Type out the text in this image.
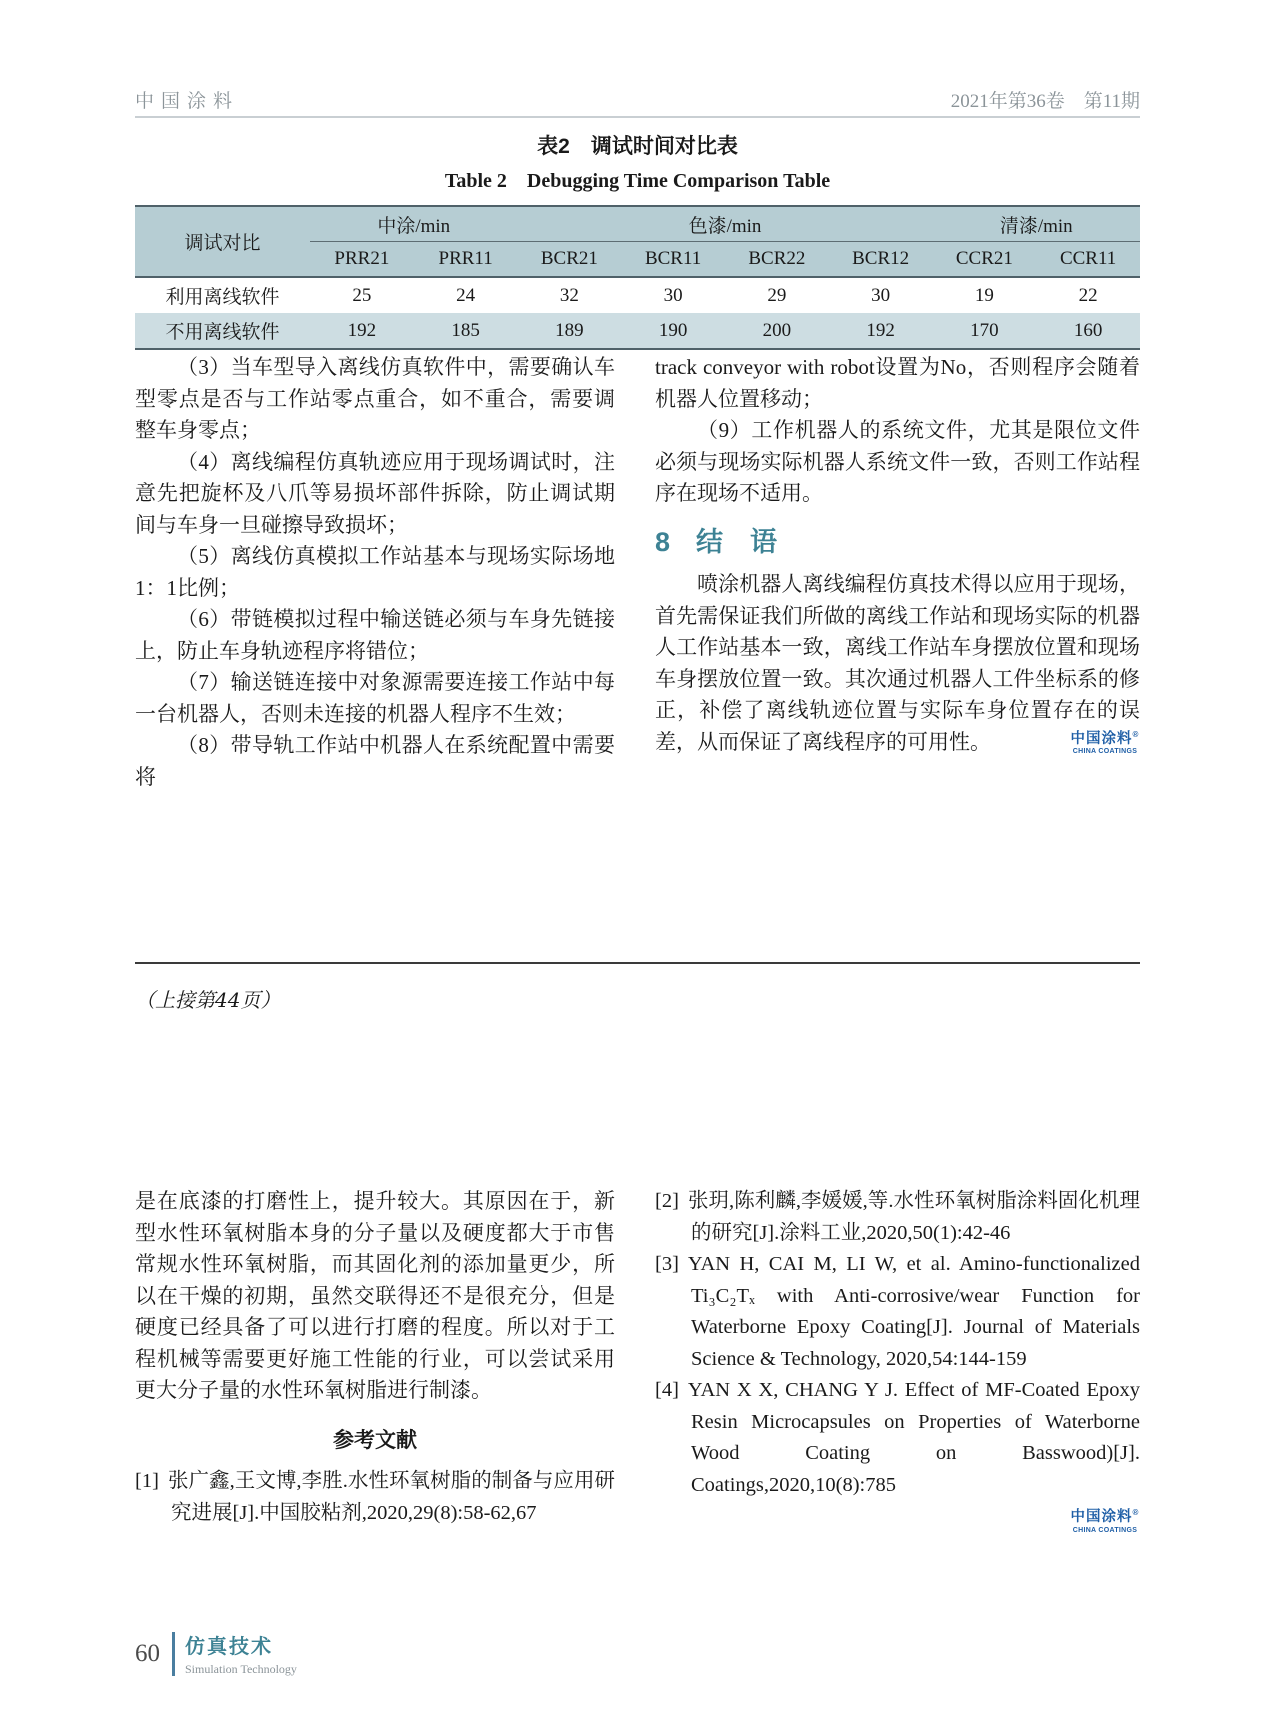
中国涂料	2021年第36卷　第11期
表2　调试时间对比表
Table 2　Debugging Time Comparison Table
调试对比	中涂/min		色漆/min				清漆/min	
	PRR21	PRR11	BCR21	BCR11	BCR22	BCR12	CCR21	CCR11
利用离线软件	25	24	32	30	29	30	19	22
不用离线软件	192	185	189	190	200	192	170	160

（3）当车型导入离线仿真软件中，需要确认车型零点是否与工作站零点重合，如不重合，需要调整车身零点；

（4）离线编程仿真轨迹应用于现场调试时，注意先把旋杯及八爪等易损坏部件拆除，防止调试期间与车身一旦碰擦导致损坏；

（5）离线仿真模拟工作站基本与现场实际场地1：1比例；

（6）带链模拟过程中输送链必须与车身先链接上，防止车身轨迹程序将错位；

（7）输送链连接中对象源需要连接工作站中每一台机器人，否则未连接的机器人程序不生效；

（8）带导轨工作站中机器人在系统配置中需要将

track conveyor with robot设置为No，否则程序会随着机器人位置移动；

（9）工作机器人的系统文件，尤其是限位文件必须与现场实际机器人系统文件一致，否则工作站程序在现场不适用。

8 结　语

喷涂机器人离线编程仿真技术得以应用于现场，首先需保证我们所做的离线工作站和现场实际的机器人工作站基本一致，离线工作站车身摆放位置和现场车身摆放位置一致。其次通过机器人工件坐标系的修正，补偿了离线轨迹位置与实际车身位置存在的误差，从而保证了离线程序的可用性。	中国涂料®
CHINA COATINGS
（上接第44页）

是在底漆的打磨性上，提升较大。其原因在于，新型水性环氧树脂本身的分子量以及硬度都大于市售常规水性环氧树脂，而其固化剂的添加量更少，所以在干燥的初期，虽然交联得还不是很充分，但是硬度已经具备了可以进行打磨的程度。所以对于工程机械等需要更好施工性能的行业，可以尝试采用更大分子量的水性环氧树脂进行制漆。

参考文献
[1] 张广鑫,王文博,李胜.水性环氧树脂的制备与应用研究进展[J].中国胶粘剂,2020,29(8):58-62,67
[2] 张玥,陈利麟,李媛媛,等.水性环氧树脂涂料固化机理的研究[J].涂料工业,2020,50(1):42-46
[3] YAN H, CAI M, LI W, et al. Amino-functionalized Ti₃C₂Tₓ with Anti-corrosive/wear Function for Waterborne Epoxy Coating[J]. Journal of Materials Science & Technology, 2020,54:144-159
[4] YAN X X, CHANG Y J. Effect of MF-Coated Epoxy Resin Microcapsules on Properties of Waterborne Wood Coating on Basswood)[J]. Coatings,2020,10(8):785
中国涂料®
CHINA COATINGS
60 仿真技术
Simulation Technology
